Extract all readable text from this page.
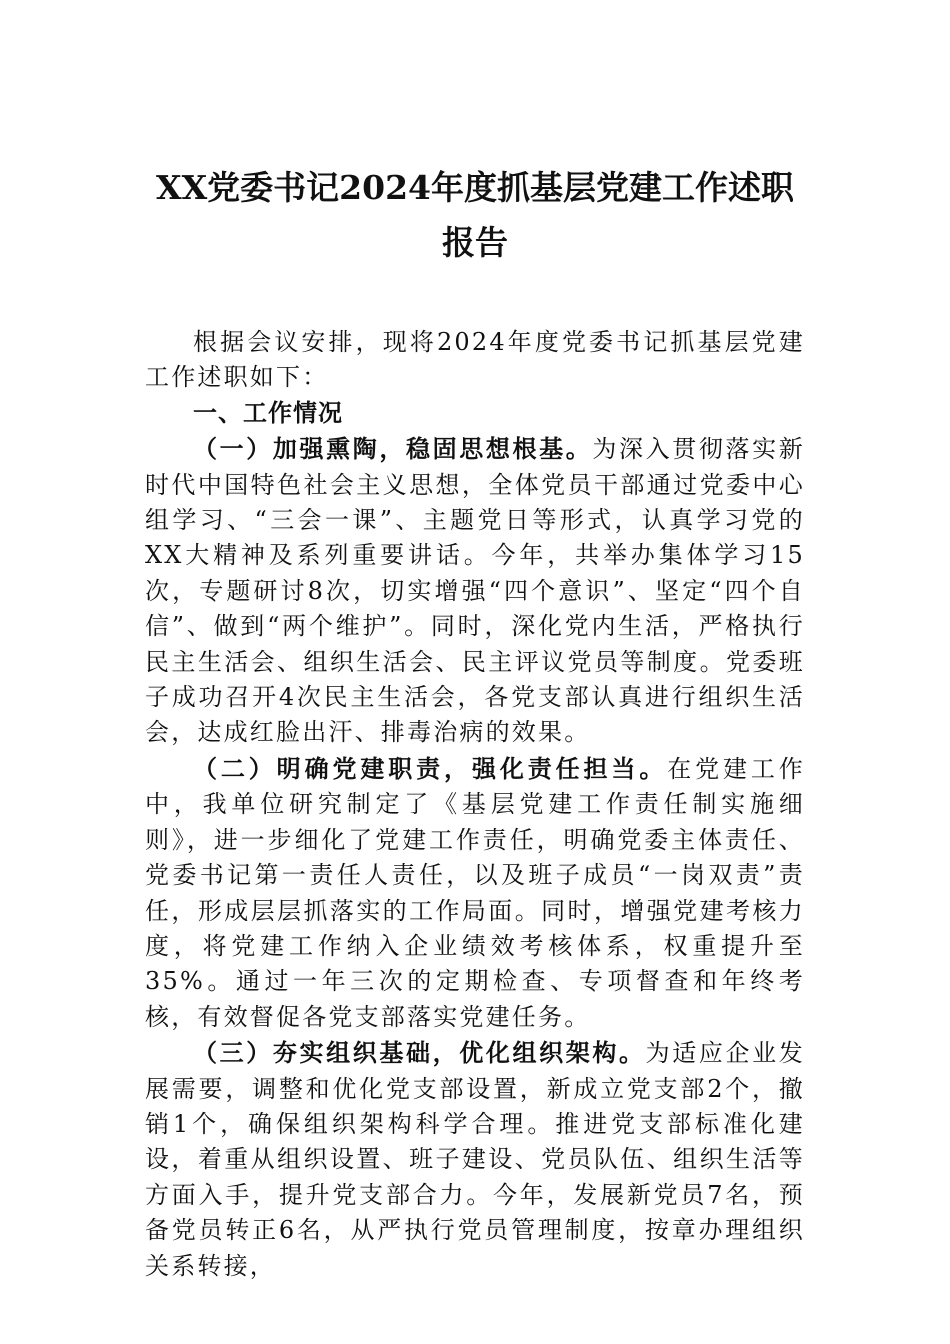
XX党委书记2024年度抓基层党建工作述职报告

根据会议安排，现将2024年度党委书记抓基层党建工作述职如下：

一、工作情况

（一）加强熏陶，稳固思想根基。为深入贯彻落实新时代中国特色社会主义思想，全体党员干部通过党委中心组学习、“三会一课”、主题党日等形式，认真学习党的XX大精神及系列重要讲话。今年，共举办集体学习15次，专题研讨8次，切实增强“四个意识”、坚定“四个自信”、做到“两个维护”。同时，深化党内生活，严格执行民主生活会、组织生活会、民主评议党员等制度。党委班子成功召开4次民主生活会，各党支部认真进行组织生活会，达成红脸出汗、排毒治病的效果。

（二）明确党建职责，强化责任担当。在党建工作中，我单位研究制定了《基层党建工作责任制实施细则》，进一步细化了党建工作责任，明确党委主体责任、党委书记第一责任人责任，以及班子成员“一岗双责”责任，形成层层抓落实的工作局面。同时，增强党建考核力度，将党建工作纳入企业绩效考核体系，权重提升至35%。通过一年三次的定期检查、专项督查和年终考核，有效督促各党支部落实党建任务。

（三）夯实组织基础，优化组织架构。为适应企业发展需要，调整和优化党支部设置，新成立党支部2个，撤销1个，确保组织架构科学合理。推进党支部标准化建设，着重从组织设置、班子建设、党员队伍、组织生活等方面入手，提升党支部合力。今年，发展新党员7名，预备党员转正6名，从严执行党员管理制度，按章办理组织关系转接，
